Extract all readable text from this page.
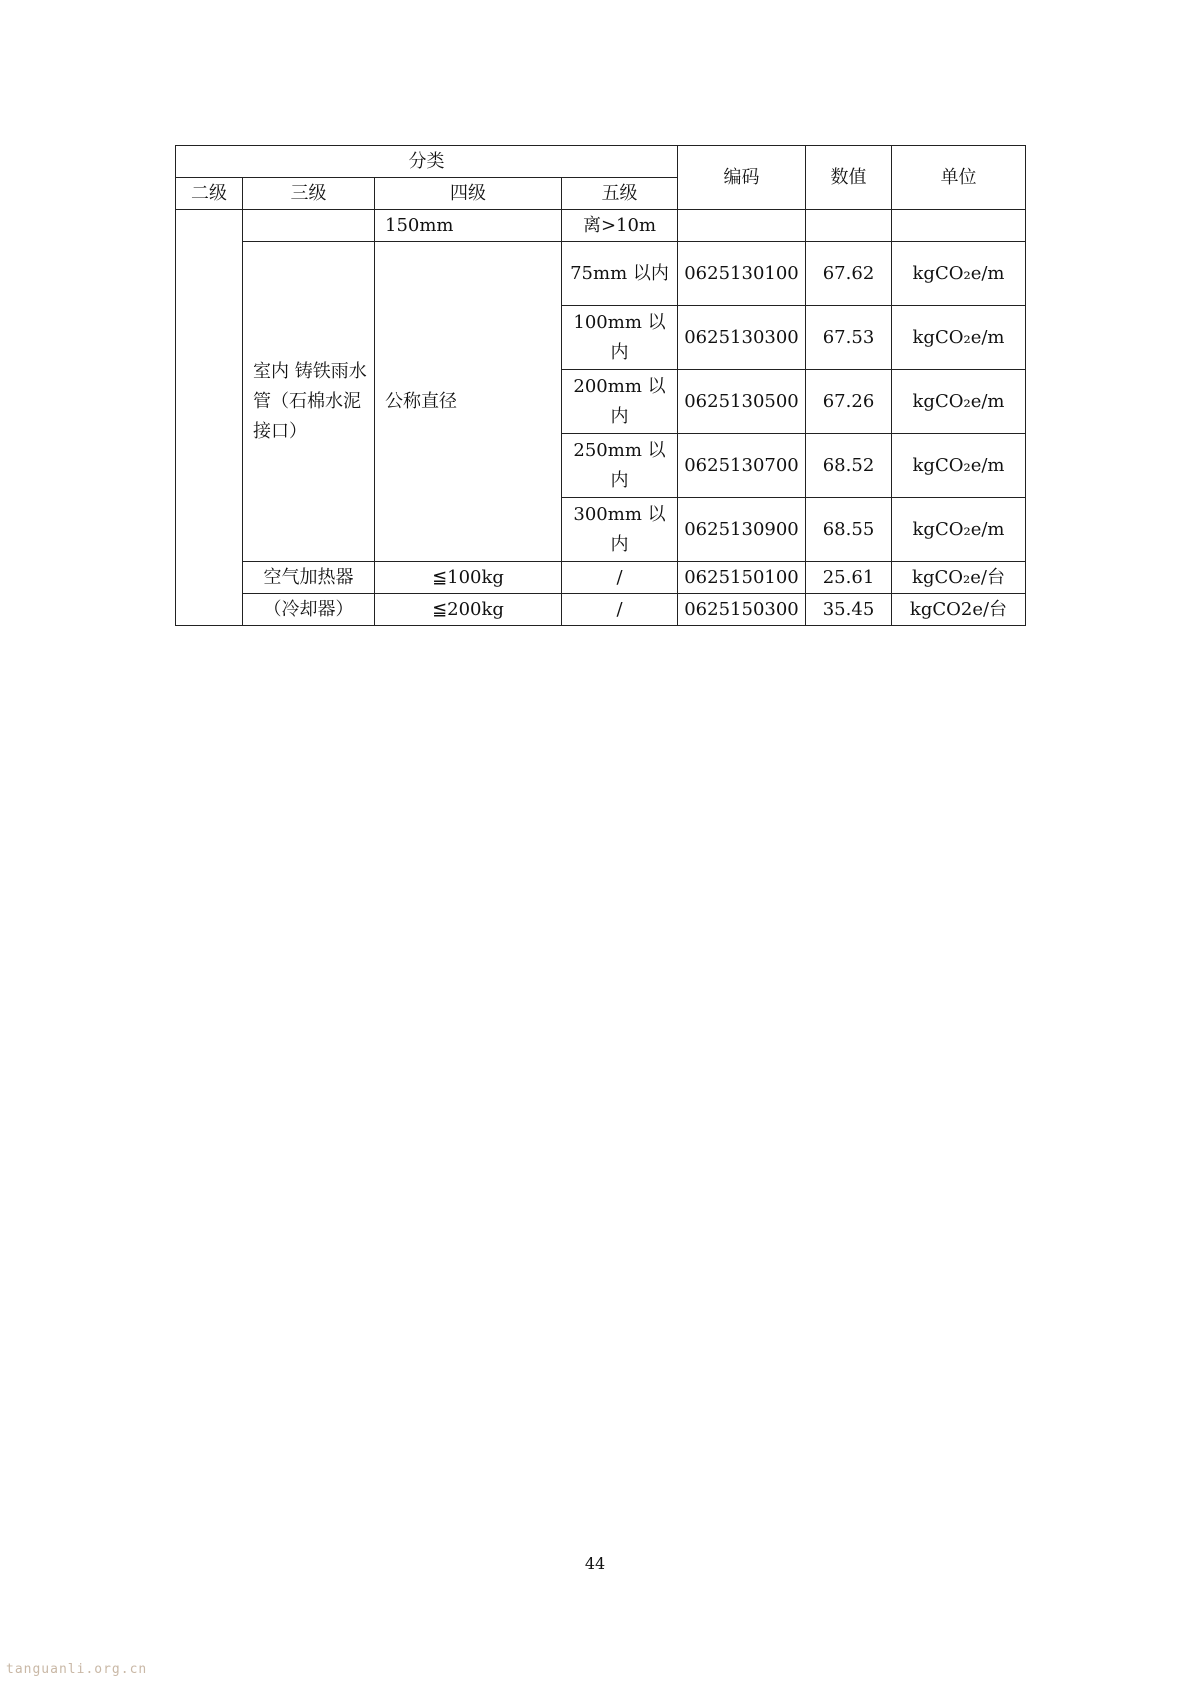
分类				编码	数值	单位
二级	三级	四级	五级			
		150mm	离>10m			
	室内 铸铁雨水管（石棉水泥接口）	公称直径	75mm 以内	0625130100	67.62	kgCO₂e/m
			100mm 以内	0625130300	67.53	kgCO₂e/m
			200mm 以内	0625130500	67.26	kgCO₂e/m
			250mm 以内	0625130700	68.52	kgCO₂e/m
			300mm 以内	0625130900	68.55	kgCO₂e/m
	空气加热器	≦100kg	/	0625150100	25.61	kgCO₂e/台
	（冷却器）	≦200kg	/	0625150300	35.45	kgCO2e/台
44
tanguanli.org.cn
